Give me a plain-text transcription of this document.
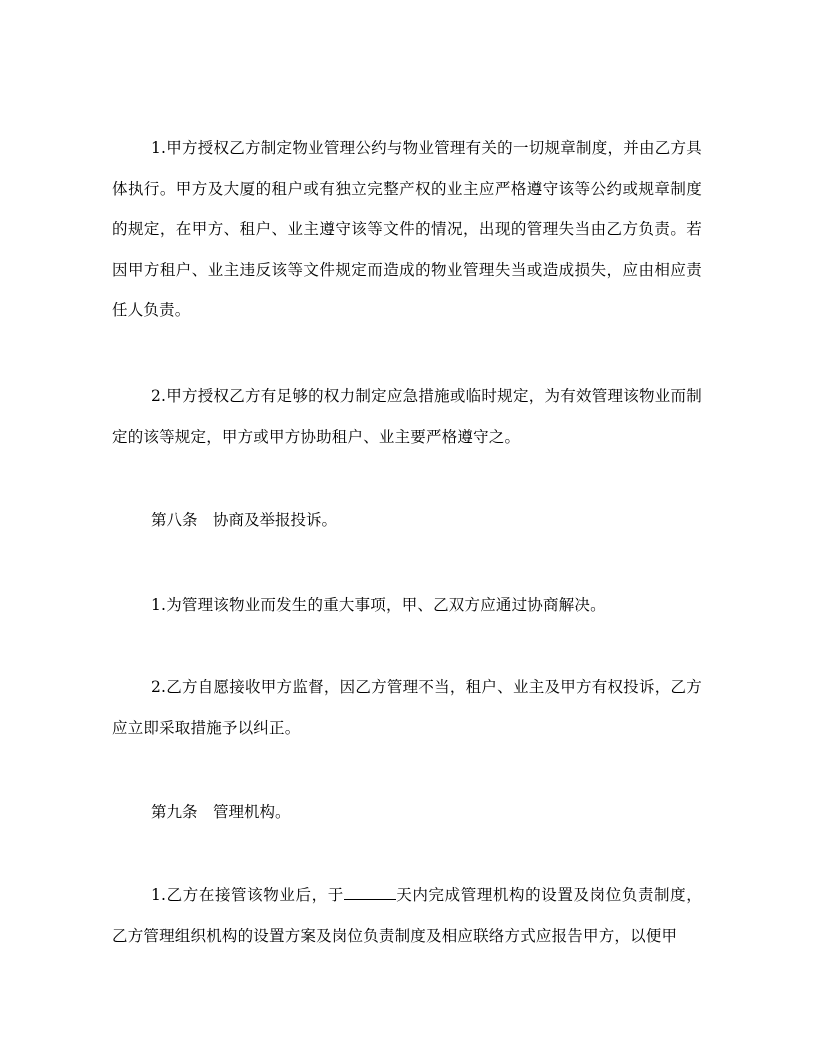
1.甲方授权乙方制定物业管理公约与物业管理有关的一切规章制度，并由乙方具体执行。甲方及大厦的租户或有独立完整产权的业主应严格遵守该等公约或规章制度的规定，在甲方、租户、业主遵守该等文件的情况，出现的管理失当由乙方负责。若因甲方租户、业主违反该等文件规定而造成的物业管理失当或造成损失，应由相应责任人负责。

2.甲方授权乙方有足够的权力制定应急措施或临时规定，为有效管理该物业而制定的该等规定，甲方或甲方协助租户、业主要严格遵守之。

第八条　协商及举报投诉。

1.为管理该物业而发生的重大事项，甲、乙双方应通过协商解决。

2.乙方自愿接收甲方监督，因乙方管理不当，租户、业主及甲方有权投诉，乙方应立即采取措施予以纠正。

第九条　管理机构。

1.乙方在接管该物业后，于	天内完成管理机构的设置及岗位负责制度，乙方管理组织机构的设置方案及岗位负责制度及相应联络方式应报告甲方，以便甲
